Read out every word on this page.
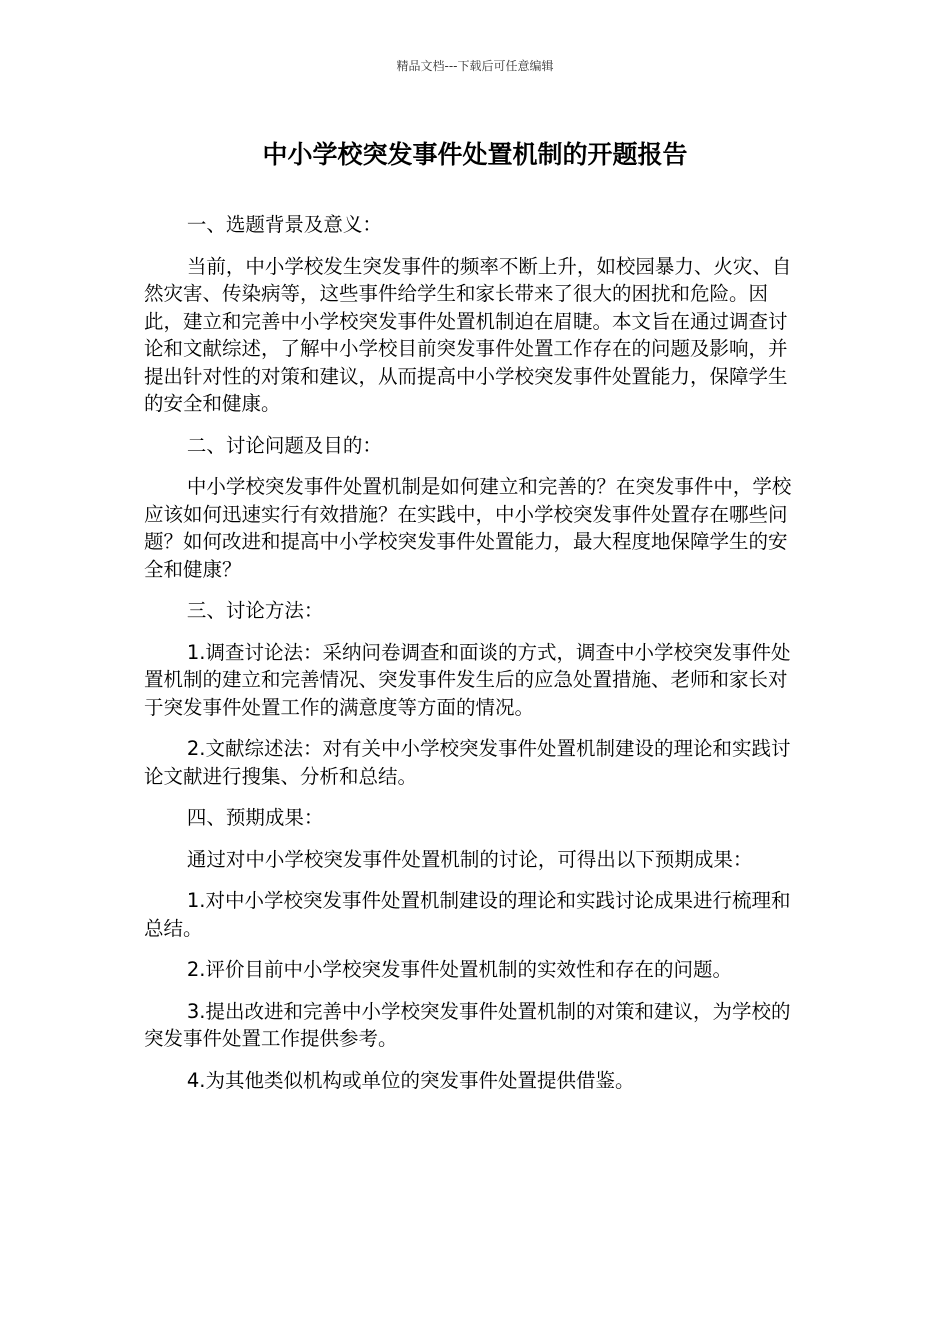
精品文档---下载后可任意编辑
中小学校突发事件处置机制的开题报告

一、选题背景及意义：

当前，中小学校发生突发事件的频率不断上升，如校园暴力、火灾、自然灾害、传染病等，这些事件给学生和家长带来了很大的困扰和危险。因此，建立和完善中小学校突发事件处置机制迫在眉睫。本文旨在通过调查讨论和文献综述，了解中小学校目前突发事件处置工作存在的问题及影响，并提出针对性的对策和建议，从而提高中小学校突发事件处置能力，保障学生的安全和健康。

二、讨论问题及目的：

中小学校突发事件处置机制是如何建立和完善的？在突发事件中，学校应该如何迅速实行有效措施？在实践中，中小学校突发事件处置存在哪些问题？如何改进和提高中小学校突发事件处置能力，最大程度地保障学生的安全和健康？

三、讨论方法：

1.调查讨论法：采纳问卷调查和面谈的方式，调查中小学校突发事件处置机制的建立和完善情况、突发事件发生后的应急处置措施、老师和家长对于突发事件处置工作的满意度等方面的情况。

2.文献综述法：对有关中小学校突发事件处置机制建设的理论和实践讨论文献进行搜集、分析和总结。

四、预期成果：

通过对中小学校突发事件处置机制的讨论，可得出以下预期成果：

1.对中小学校突发事件处置机制建设的理论和实践讨论成果进行梳理和总结。

2.评价目前中小学校突发事件处置机制的实效性和存在的问题。

3.提出改进和完善中小学校突发事件处置机制的对策和建议，为学校的突发事件处置工作提供参考。

4.为其他类似机构或单位的突发事件处置提供借鉴。
